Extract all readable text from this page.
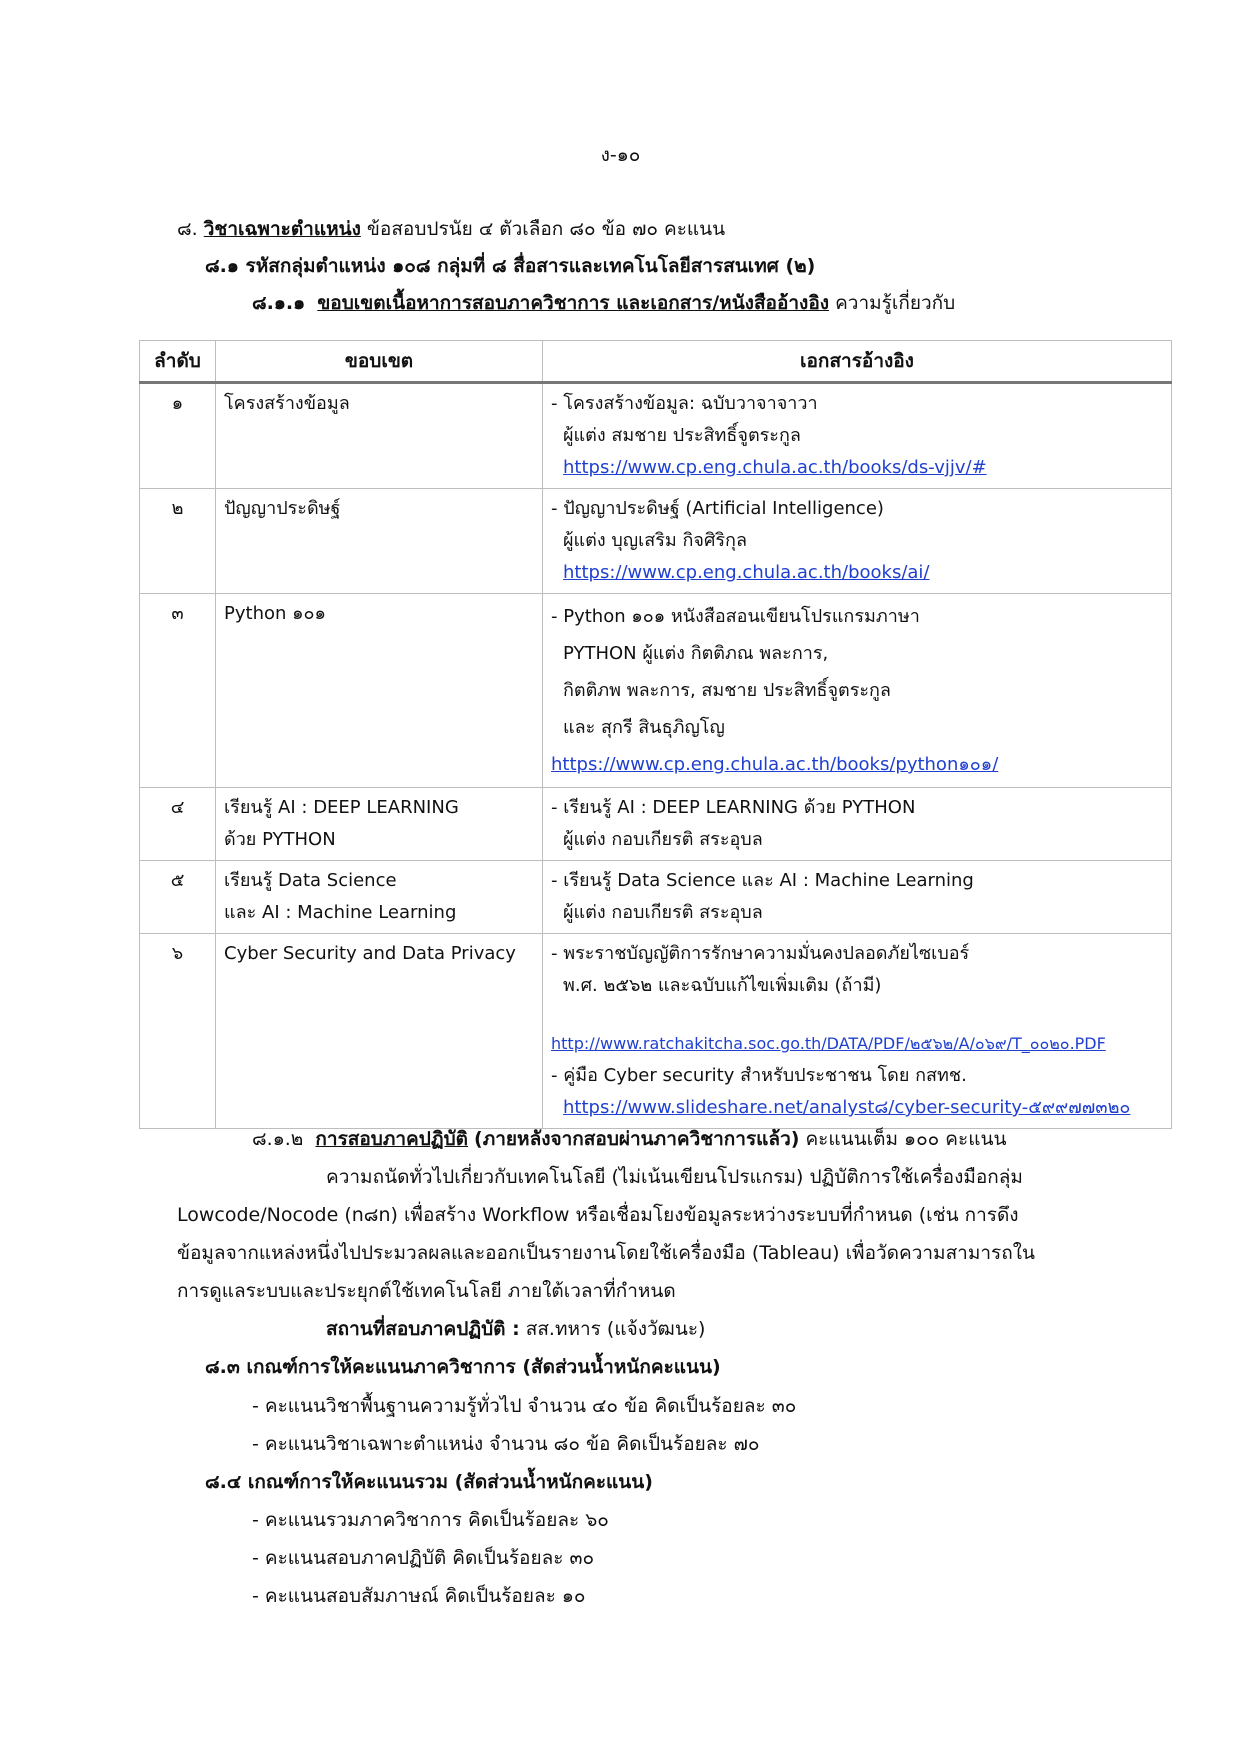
ง-๑๐
๘. วิชาเฉพาะตำแหน่ง ข้อสอบปรนัย ๔ ตัวเลือก ๘๐ ข้อ ๗๐ คะแนน
๘.๑ รหัสกลุ่มตำแหน่ง ๑๐๘ กลุ่มที่ ๘ สื่อสารและเทคโนโลยีสารสนเทศ (๒)
๘.๑.๑ ขอบเขตเนื้อหาการสอบภาควิชาการ และเอกสาร/หนังสืออ้างอิง ความรู้เกี่ยวกับ
ลำดับ	ขอบเขต	เอกสารอ้างอิง
๑	โครงสร้างข้อมูล	- โครงสร้างข้อมูล: ฉบับวาจาจาวา
ผู้แต่ง สมชาย ประสิทธิ์จูตระกูล
https://www.cp.eng.chula.ac.th/books/ds-vjjv/#

๒	ปัญญาประดิษฐ์	- ปัญญาประดิษฐ์ (Artificial Intelligence)
ผู้แต่ง บุญเสริม กิจศิริกุล
https://www.cp.eng.chula.ac.th/books/ai/

๓	Python ๑๐๑	- Python ๑๐๑ หนังสือสอนเขียนโปรแกรมภาษา
PYTHON ผู้แต่ง กิตติภณ พละการ,
กิตติภพ พละการ, สมชาย ประสิทธิ์จูตระกูล
และ สุกรี สินธุภิญโญ
https://www.cp.eng.chula.ac.th/books/python๑๐๑/

๔	เรียนรู้ AI : DEEP LEARNING
ด้วย PYTHON	- เรียนรู้ AI : DEEP LEARNING ด้วย PYTHON
ผู้แต่ง กอบเกียรติ สระอุบล

๕	เรียนรู้ Data Science
และ AI : Machine Learning	- เรียนรู้ Data Science และ AI : Machine Learning
ผู้แต่ง กอบเกียรติ สระอุบล

๖	Cyber Security and Data Privacy	- พระราชบัญญัติการรักษาความมั่นคงปลอดภัยไซเบอร์
พ.ศ. ๒๕๖๒ และฉบับแก้ไขเพิ่มเติม (ถ้ามี)
http://www.ratchakitcha.soc.go.th/DATA/PDF/๒๕๖๒/A/๐๖๙/T_๐๐๒๐.PDF
- คู่มือ Cyber security สำหรับประชาชน โดย กสทช.
https://www.slideshare.net/analyst๘/cyber-security-๕๙๙๗๗๓๒๐
๘.๑.๒ การสอบภาคปฏิบัติ (ภายหลังจากสอบผ่านภาควิชาการแล้ว) คะแนนเต็ม ๑๐๐ คะแนน
ความถนัดทั่วไปเกี่ยวกับเทคโนโลยี (ไม่เน้นเขียนโปรแกรม) ปฏิบัติการใช้เครื่องมือกลุ่ม
Lowcode/Nocode (n๘n) เพื่อสร้าง Workflow หรือเชื่อมโยงข้อมูลระหว่างระบบที่กำหนด (เช่น การดึง
ข้อมูลจากแหล่งหนึ่งไปประมวลผลและออกเป็นรายงานโดยใช้เครื่องมือ (Tableau) เพื่อวัดความสามารถใน
การดูแลระบบและประยุกต์ใช้เทคโนโลยี ภายใต้เวลาที่กำหนด
สถานที่สอบภาคปฏิบัติ : สส.ทหาร (แจ้งวัฒนะ)
๘.๓ เกณฑ์การให้คะแนนภาควิชาการ (สัดส่วนน้ำหนักคะแนน)
- คะแนนวิชาพื้นฐานความรู้ทั่วไป จำนวน ๔๐ ข้อ คิดเป็นร้อยละ ๓๐
- คะแนนวิชาเฉพาะตำแหน่ง จำนวน ๘๐ ข้อ คิดเป็นร้อยละ ๗๐
๘.๔ เกณฑ์การให้คะแนนรวม (สัดส่วนน้ำหนักคะแนน)
- คะแนนรวมภาควิชาการ คิดเป็นร้อยละ ๖๐
- คะแนนสอบภาคปฏิบัติ คิดเป็นร้อยละ ๓๐
- คะแนนสอบสัมภาษณ์ คิดเป็นร้อยละ ๑๐
